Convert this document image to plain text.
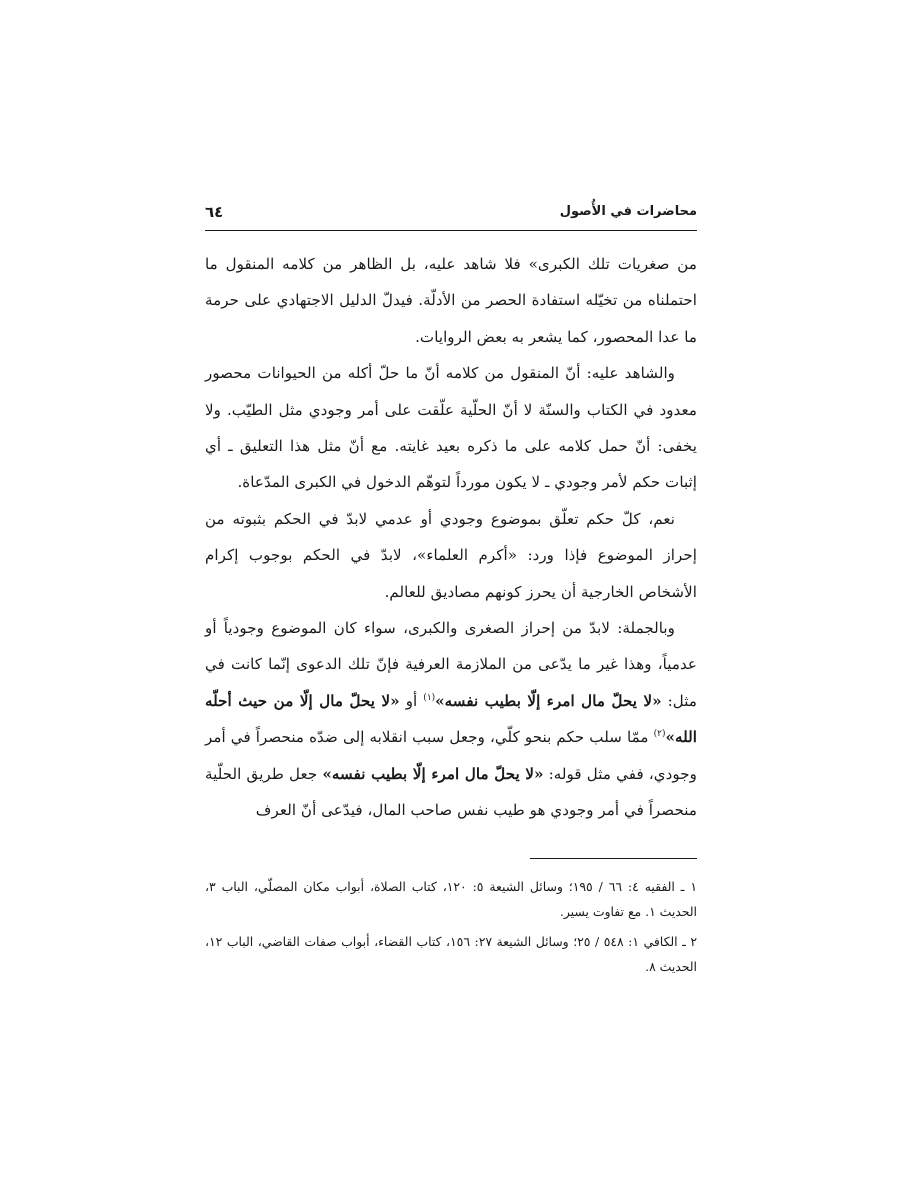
محاضرات في الأُصول
٦٤

من صغريات تلك الكبرى» فلا شاهد عليه، بل الظاهر من كلامه المنقول ما احتملناه من تخيّله استفادة الحصر من الأدلّة. فيدلّ الدليل الاجتهادي على حرمة ما عدا المحصور، كما يشعر به بعض الروايات.

والشاهد عليه: أنّ المنقول من كلامه أنّ ما حلّ أكله من الحيوانات محصور معدود في الكتاب والسنّة لا أنّ الحلّية علّقت على أمر وجودي مثل الطيّب. ولا يخفى: أنّ حمل كلامه على ما ذكره بعيد غايته. مع أنّ مثل هذا التعليق ـ أي إثبات حكم لأمر وجودي ـ لا يكون مورداً لتوهّم الدخول في الكبرى المدّعاة.

نعم، كلّ حكم تعلّق بموضوع وجودي أو عدمي لابدّ في الحكم بثبوته من إحراز الموضوع فإذا ورد: «أكرم العلماء»، لابدّ في الحكم بوجوب إكرام الأشخاص الخارجية أن يحرز كونهم مصاديق للعالم.

وبالجملة: لابدّ من إحراز الصغرى والكبرى، سواء كان الموضوع وجودياً أو عدمياً، وهذا غير ما يدّعى من الملازمة العرفية فإنّ تلك الدعوى إنّما كانت في مثل: «لا يحلّ مال امرء إلّا بطيب نفسه»$^{(١)}$ أو «لا يحلّ مال إلّا من حيث أحلّه الله»$^{(٢)}$ ممّا سلب حكم بنحو كلّي، وجعل سبب انقلابه إلى ضدّه منحصراً في أمر وجودي، ففي مثل قوله: «لا يحلّ مال امرء إلّا بطيب نفسه» جعل طريق الحلّية منحصراً في أمر وجودي هو طيب نفس صاحب المال، فيدّعى أنّ العرف

١ ـ الفقيه ٤: ٦٦ / ١٩٥؛ وسائل الشيعة ٥: ١٢٠، كتاب الصلاة، أبواب مكان المصلّي، الباب ٣، الحديث ١. مع تفاوت يسير.

٢ ـ الكافي ١: ٥٤٨ / ٢٥؛ وسائل الشيعة ٢٧: ١٥٦، كتاب القضاء، أبواب صفات القاضي، الباب ١٢، الحديث ٨.
